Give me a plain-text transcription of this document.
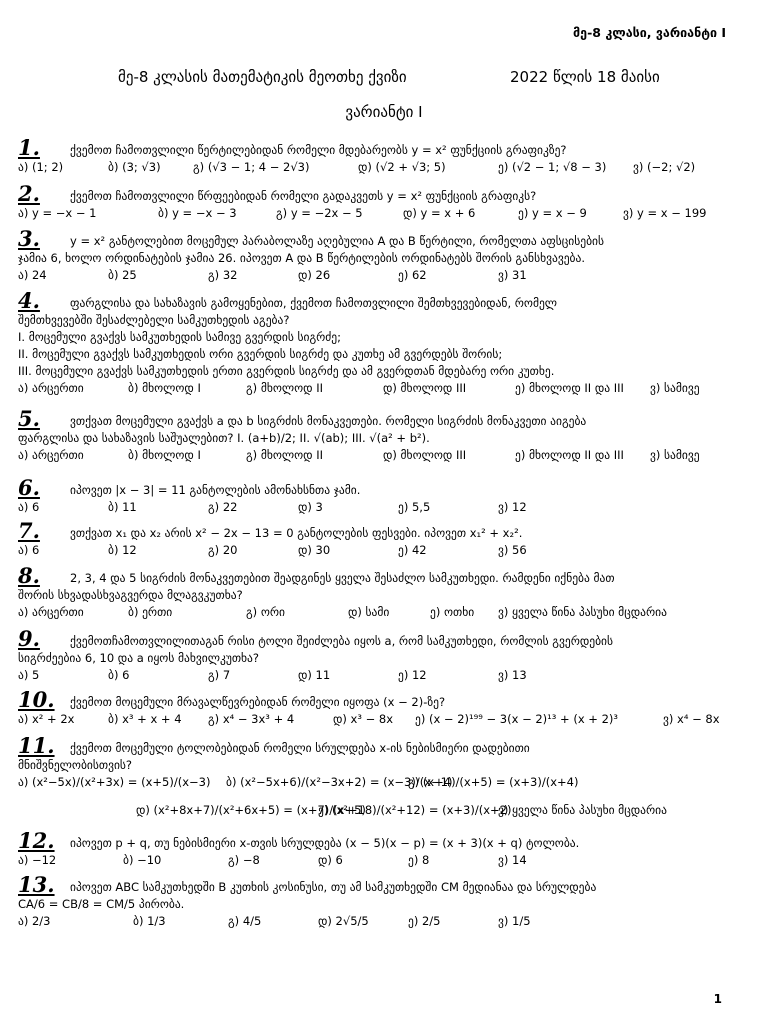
მე-8 კლასი, ვარიანტი I
მე-8 კლასის მათემატიკის მეოთხე ქვიზი	2022 წლის 18 მაისი
ვარიანტი I
1.	ქვემოთ ჩამოთვლილი წერტილებიდან რომელი მდებარეობს y = x² ფუნქციის გრაფიკზე?
ა) (1; 2)	ბ) (3; √3)	გ) (√3 − 1; 4 − 2√3)	დ) (√2 + √3; 5)	ე) (√2 − 1; √8 − 3) ვ) (−2; √2)
2.	ქვემოთ ჩამოთვლილი წრფეებიდან რომელი გადაკვეთს y = x² ფუნქციის გრაფიკს?
ა) y = −x − 1	ბ) y = −x − 3	გ) y = −2x − 5	დ) y = x + 6	ე) y = x − 9	ვ) y = x − 199
3.	y = x² განტოლებით მოცემულ პარაბოლაზე აღებულია A და B წერტილი, რომელთა აფსცისების
ჯამია 6, ხოლო ორდინატების ჯამია 26. იპოვეთ A და B წერტილების ორდინატებს შორის განსხვავება.
ა) 24	ბ) 25	გ) 32	დ) 26	ე) 62	ვ) 31
4.	ფარგლისა და სახაზავის გამოყენებით, ქვემოთ ჩამოთვლილი შემთხვევებიდან, რომელ
შემთხვევებში შესაძლებელი სამკუთხედის აგება?
I. მოცემული გვაქვს სამკუთხედის სამივე გვერდის სიგრძე;
II. მოცემული გვაქვს სამკუთხედის ორი გვერდის სიგრძე და კუთხე ამ გვერდებს შორის;
III. მოცემული გვაქვს სამკუთხედის ერთი გვერდის სიგრძე და ამ გვერდთან მდებარე ორი კუთხე.
ა) არცერთი	ბ) მხოლოდ I	გ) მხოლოდ II	დ) მხოლოდ III	ე) მხოლოდ II და III ვ) სამივე
5.	ვთქვათ მოცემული გვაქვს a და b სიგრძის მონაკვეთები. რომელი სიგრძის მონაკვეთი აიგება
ფარგლისა და სახაზავის საშუალებით? I. (a+b)/2; II. √(ab); III. √(a² + b²).
ა) არცერთი	ბ) მხოლოდ I	გ) მხოლოდ II	დ) მხოლოდ III	ე) მხოლოდ II და III ვ) სამივე
6.	იპოვეთ |x − 3| = 11 განტოლების ამონახსნთა ჯამი.
ა) 6	ბ) 11	გ) 22	დ) 3	ე) 5,5	ვ) 12
7.	ვთქვათ x₁ და x₂ არის x² − 2x − 13 = 0 განტოლების ფესვები. იპოვეთ x₁² + x₂².
ა) 6	ბ) 12	გ) 20	დ) 30	ე) 42	ვ) 56
8.	2, 3, 4 და 5 სიგრძის მონაკვეთებით შეადგინეს ყველა შესაძლო სამკუთხედი. რამდენი იქნება მათ
შორის სხვადასხვაგვერდა მლაგვკუთხა?
ა) არცერთი	ბ) ერთი	გ) ორი	დ) სამი	ე) ოთხი ვ) ყველა წინა პასუხი მცდარია
9.	ქვემოთჩამოთვლილითაგან რისი ტოლი შეიძლება იყოს a, რომ სამკუთხედი, რომლის გვერდების
სიგრძეებია 6, 10 და a იყოს მახვილკუთხა?
ა) 5	ბ) 6	გ) 7	დ) 11	ე) 12	ვ) 13
10.	ქვემოთ მოცემული მრავალწევრებიდან რომელი იყოფა (x − 2)-ზე?
ა) x² + 2x	ბ) x³ + x + 4 გ) x⁴ − 3x³ + 4	დ) x³ − 8x ე) (x − 2)¹⁹⁹ − 3(x − 2)¹³ + (x + 2)³	ვ) x⁴ − 8x
11.	ქვემოთ მოცემული ტოლობებიდან რომელი სრულდება x-ის ნებისმიერი დადებითი
მნიშვნელობისთვის?
ა) (x²−5x)/(x²+3x) = (x+5)/(x−3) ბ) (x²−5x+6)/(x²−3x+2) = (x−3)/(x−1)
გ) (x+4)/(x+5) = (x+3)/(x+4)
დ) (x²+8x+7)/(x²+6x+5) = (x+7)/(x+5)
ე) (x²+18)/(x²+12) = (x+3)/(x+2)
ვ) ყველა წინა პასუხი მცდარია
12.	იპოვეთ p + q, თუ ნებისმიერი x-თვის სრულდება (x − 5)(x − p) = (x + 3)(x + q) ტოლობა.
ა) −12	ბ) −10	გ) −8	დ) 6	ე) 8	ვ) 14
13.	იპოვეთ ABC სამკუთხედში B კუთხის კოსინუსი, თუ ამ სამკუთხედში CM მედიანაა და სრულდება
CA/6 = CB/8 = CM/5 პირობა.
ა) 2/3	ბ) 1/3	გ) 4/5	დ) 2√5/5	ე) 2/5	ვ) 1/5
1
